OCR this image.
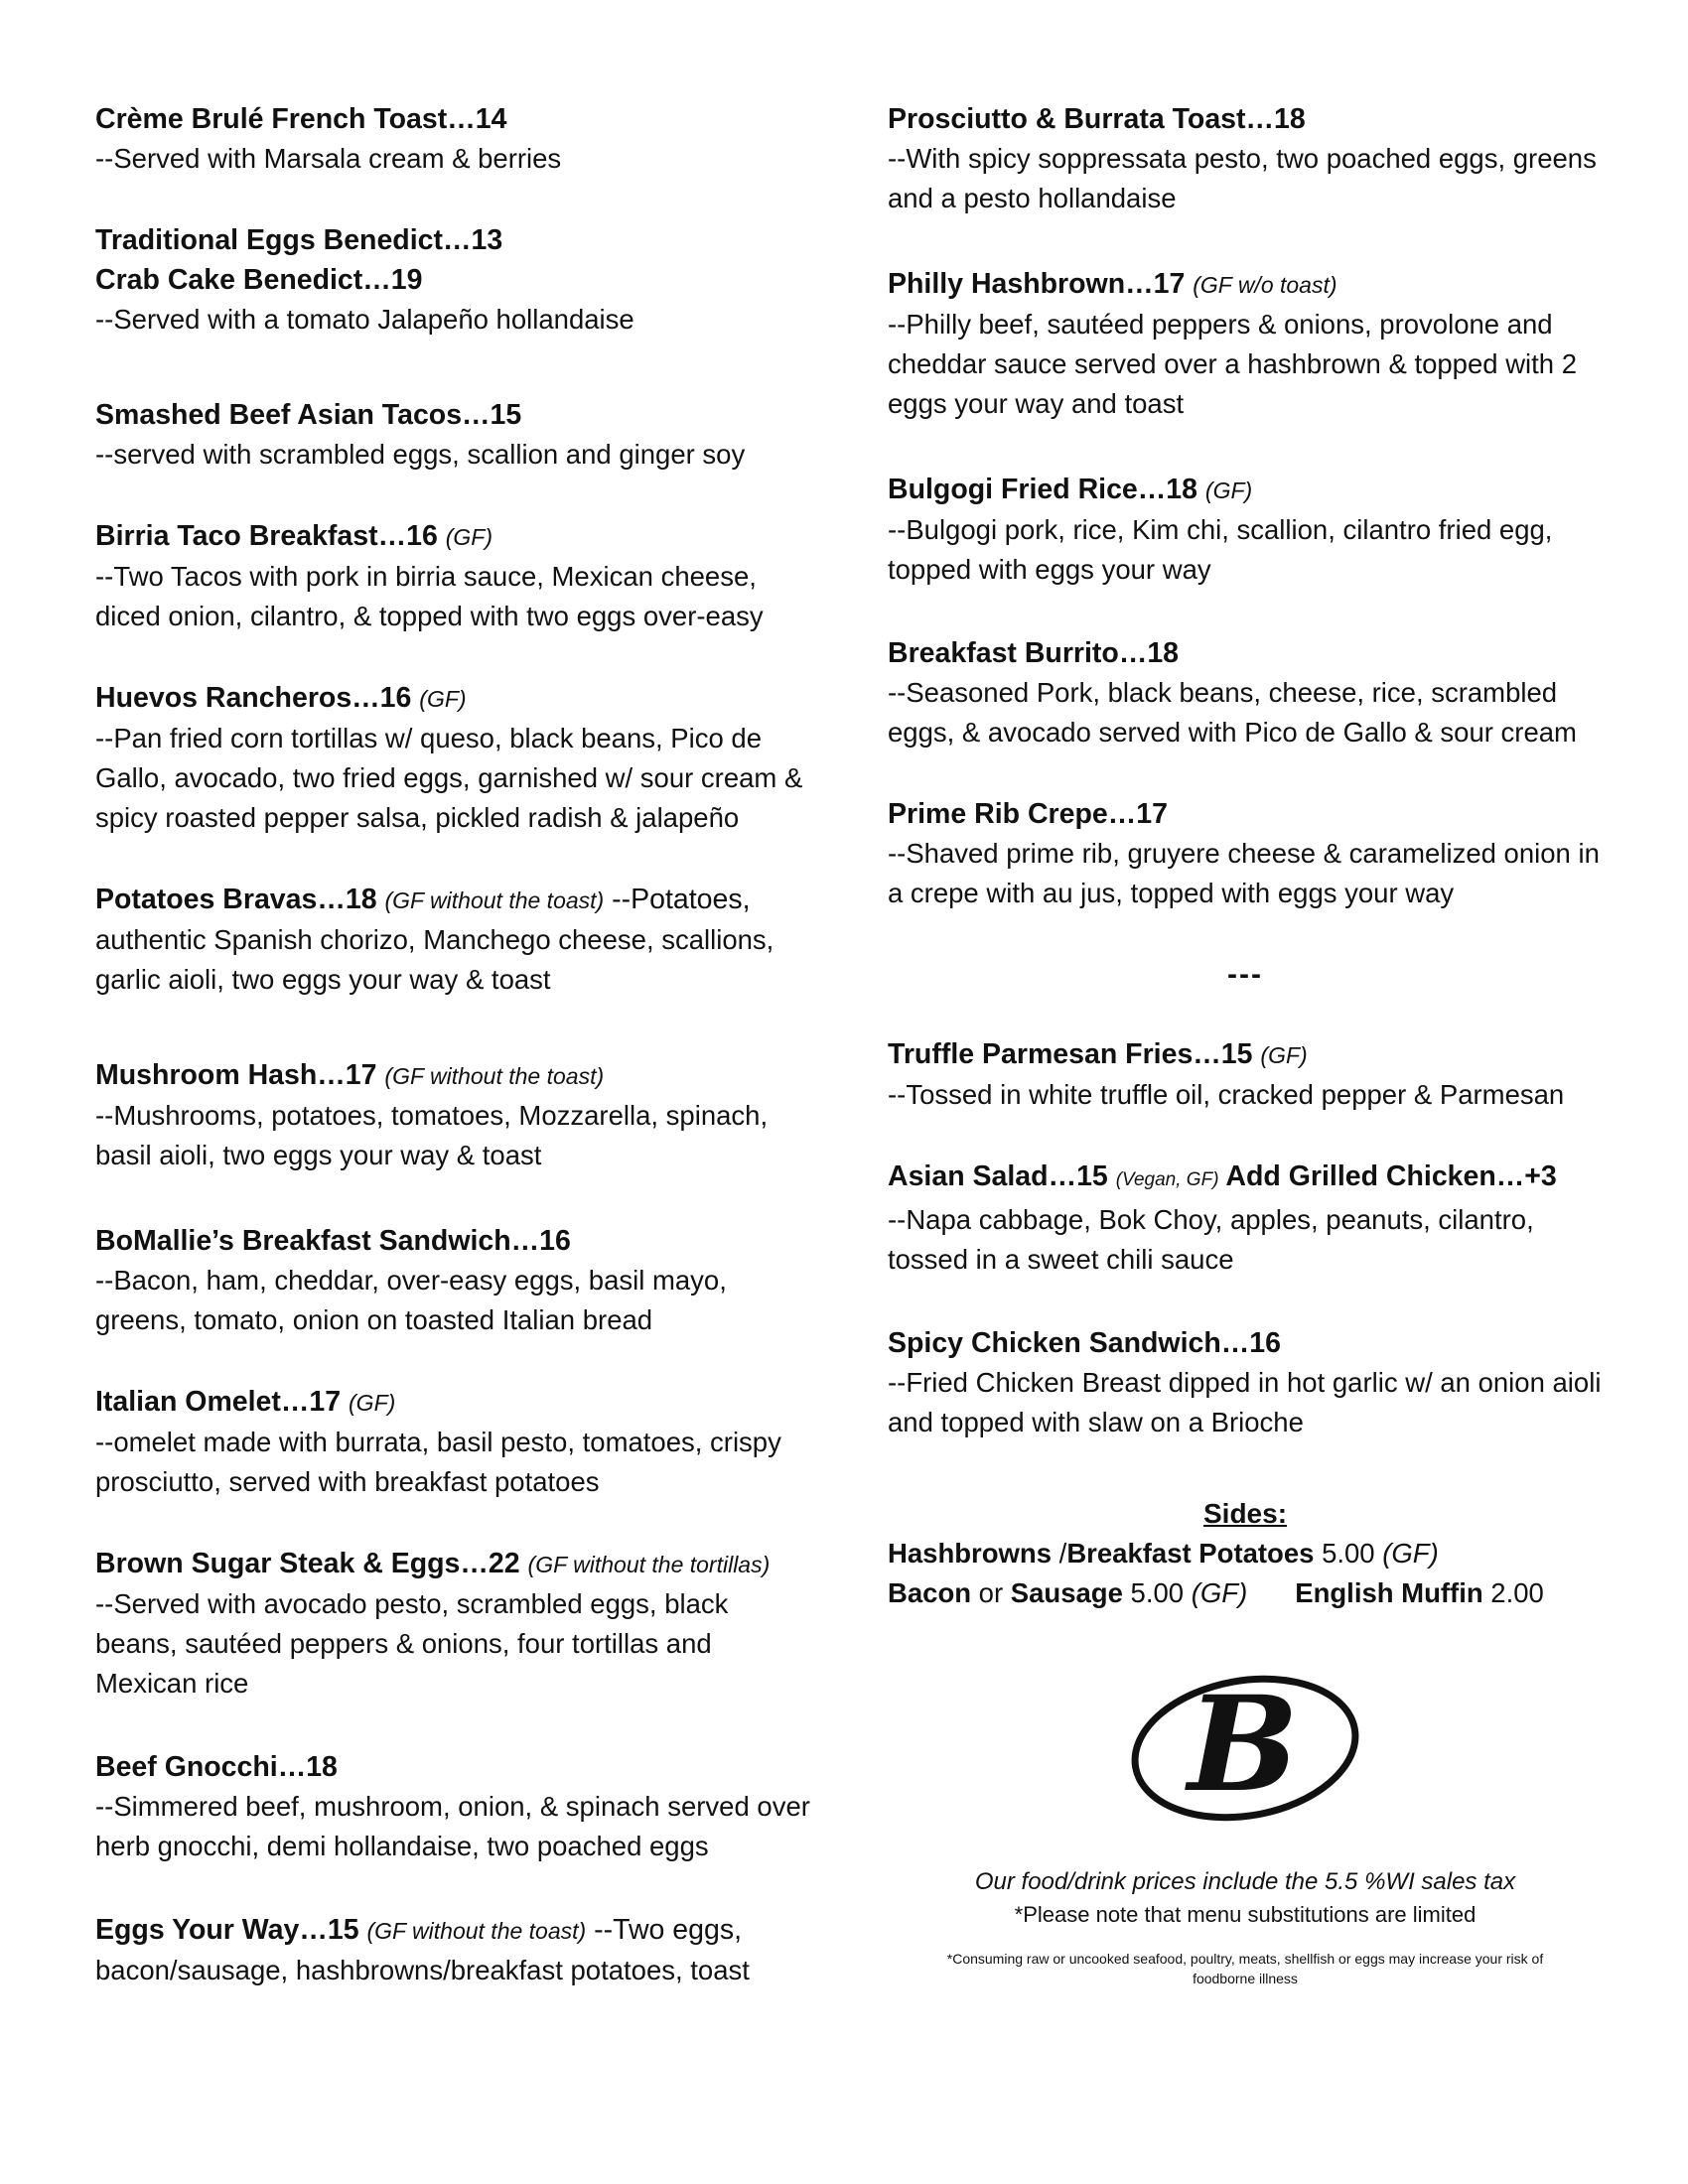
Crème Brulé French Toast…14
--Served with Marsala cream & berries
Traditional Eggs Benedict…13
Crab Cake Benedict…19
--Served with a tomato Jalapeño hollandaise
Smashed Beef Asian Tacos…15
--served with scrambled eggs, scallion and ginger soy
Birria Taco Breakfast…16 (GF)
--Two Tacos with pork in birria sauce, Mexican cheese, diced onion, cilantro, & topped with two eggs over-easy
Huevos Rancheros…16 (GF)
--Pan fried corn tortillas w/ queso, black beans, Pico de Gallo, avocado, two fried eggs, garnished w/ sour cream & spicy roasted pepper salsa, pickled radish & jalapeño
Potatoes Bravas…18 (GF without the toast) --Potatoes,
authentic Spanish chorizo, Manchego cheese, scallions, garlic aioli, two eggs your way & toast
Mushroom Hash…17 (GF without the toast)
--Mushrooms, potatoes, tomatoes, Mozzarella, spinach, basil aioli, two eggs your way & toast
BoMallie’s Breakfast Sandwich…16
--Bacon, ham, cheddar, over-easy eggs, basil mayo, greens, tomato, onion on toasted Italian bread
Italian Omelet…17 (GF)
--omelet made with burrata, basil pesto, tomatoes, crispy prosciutto, served with breakfast potatoes
Brown Sugar Steak & Eggs…22 (GF without the tortillas)
--Served with avocado pesto, scrambled eggs, black beans, sautéed peppers & onions, four tortillas and Mexican rice
Beef Gnocchi…18
--Simmered beef, mushroom, onion, & spinach served over herb gnocchi, demi hollandaise, two poached eggs
Eggs Your Way…15 (GF without the toast) --Two eggs,
bacon/sausage, hashbrowns/breakfast potatoes, toast
Prosciutto & Burrata Toast…18
--With spicy soppressata pesto, two poached eggs, greens and a pesto hollandaise
Philly Hashbrown…17 (GF w/o toast)
--Philly beef, sautéed peppers & onions, provolone and cheddar sauce served over a hashbrown & topped with 2 eggs your way and toast
Bulgogi Fried Rice…18 (GF)
--Bulgogi pork, rice, Kim chi, scallion, cilantro fried egg, topped with eggs your way
Breakfast Burrito…18
--Seasoned Pork, black beans, cheese, rice, scrambled eggs, & avocado served with Pico de Gallo & sour cream
Prime Rib Crepe…17
--Shaved prime rib, gruyere cheese & caramelized onion in a crepe with au jus, topped with eggs your way
---
Truffle Parmesan Fries…15 (GF)
--Tossed in white truffle oil, cracked pepper & Parmesan
Asian Salad…15 (Vegan, GF) Add Grilled Chicken…+3
--Napa cabbage, Bok Choy, apples, peanuts, cilantro, tossed in a sweet chili sauce
Spicy Chicken Sandwich…16
--Fried Chicken Breast dipped in hot garlic w/ an onion aioli and topped with slaw on a Brioche
Sides:
Hashbrowns /Breakfast Potatoes 5.00 (GF)
Bacon or Sausage 5.00 (GF) English Muffin 2.00
B
Our food/drink prices include the 5.5 %WI sales tax
*Please note that menu substitutions are limited
*Consuming raw or uncooked seafood, poultry, meats, shellfish or eggs may increase your risk of foodborne illness
